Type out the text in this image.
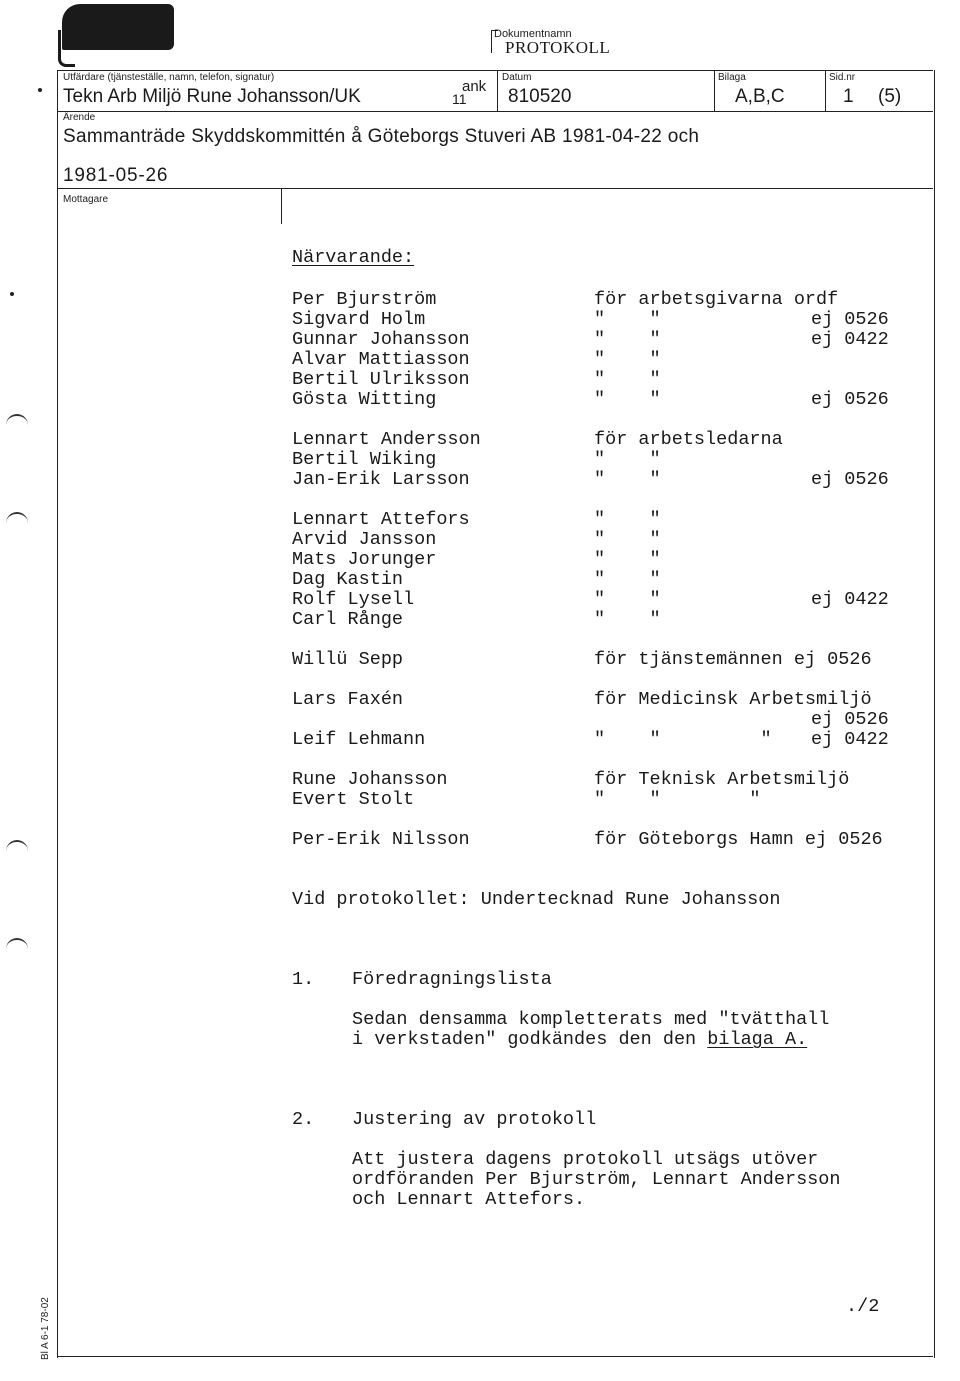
Dokumentnamn
PROTOKOLL
Utfärdare (tjänsteställe, namn, telefon, signatur)
Tekn Arb Miljö Rune Johansson/UK	ank
11
Datum
810520
Bilaga
A,B,C
Sid.nr
1 (5)
Ärende
Sammanträde Skyddskommittén å Göteborgs Stuveri AB 1981-04-22 och
1981-05-26
Mottagare
Närvarande:
Per Bjurström	för arbetsgivarna ordf
Sigvard Holm	"    "	ej 0526
Gunnar Johansson	"    "	ej 0422
Alvar Mattiasson	"    "
Bertil Ulriksson	"    "
Gösta Witting	"    "	ej 0526
Lennart Andersson	för arbetsledarna
Bertil Wiking	"    "
Jan-Erik Larsson	"    "	ej 0526
Lennart Attefors	"    "
Arvid Jansson	"    "
Mats Jorunger	"    "
Dag Kastin	"    "
Rolf Lysell	"    "	ej 0422
Carl Rånge	"    "
Willü Sepp	för tjänstemännen ej 0526
Lars Faxén	för Medicinsk Arbetsmiljö
ej 0526
Leif Lehmann	"    "         " ej 0422
Rune Johansson	för Teknisk Arbetsmiljö
Evert Stolt	"    "        "
Per-Erik Nilsson	för Göteborgs Hamn ej 0526
Vid protokollet: Undertecknad Rune Johansson
1. Föredragningslista
Sedan densamma kompletterats med "tvätthall
i verkstaden" godkändes den den bilaga A.
2. Justering av protokoll
Att justera dagens protokoll utsägs utöver
ordföranden Per Bjurström, Lennart Andersson
och Lennart Attefors.
./2
Bl A 6-1 78-02
